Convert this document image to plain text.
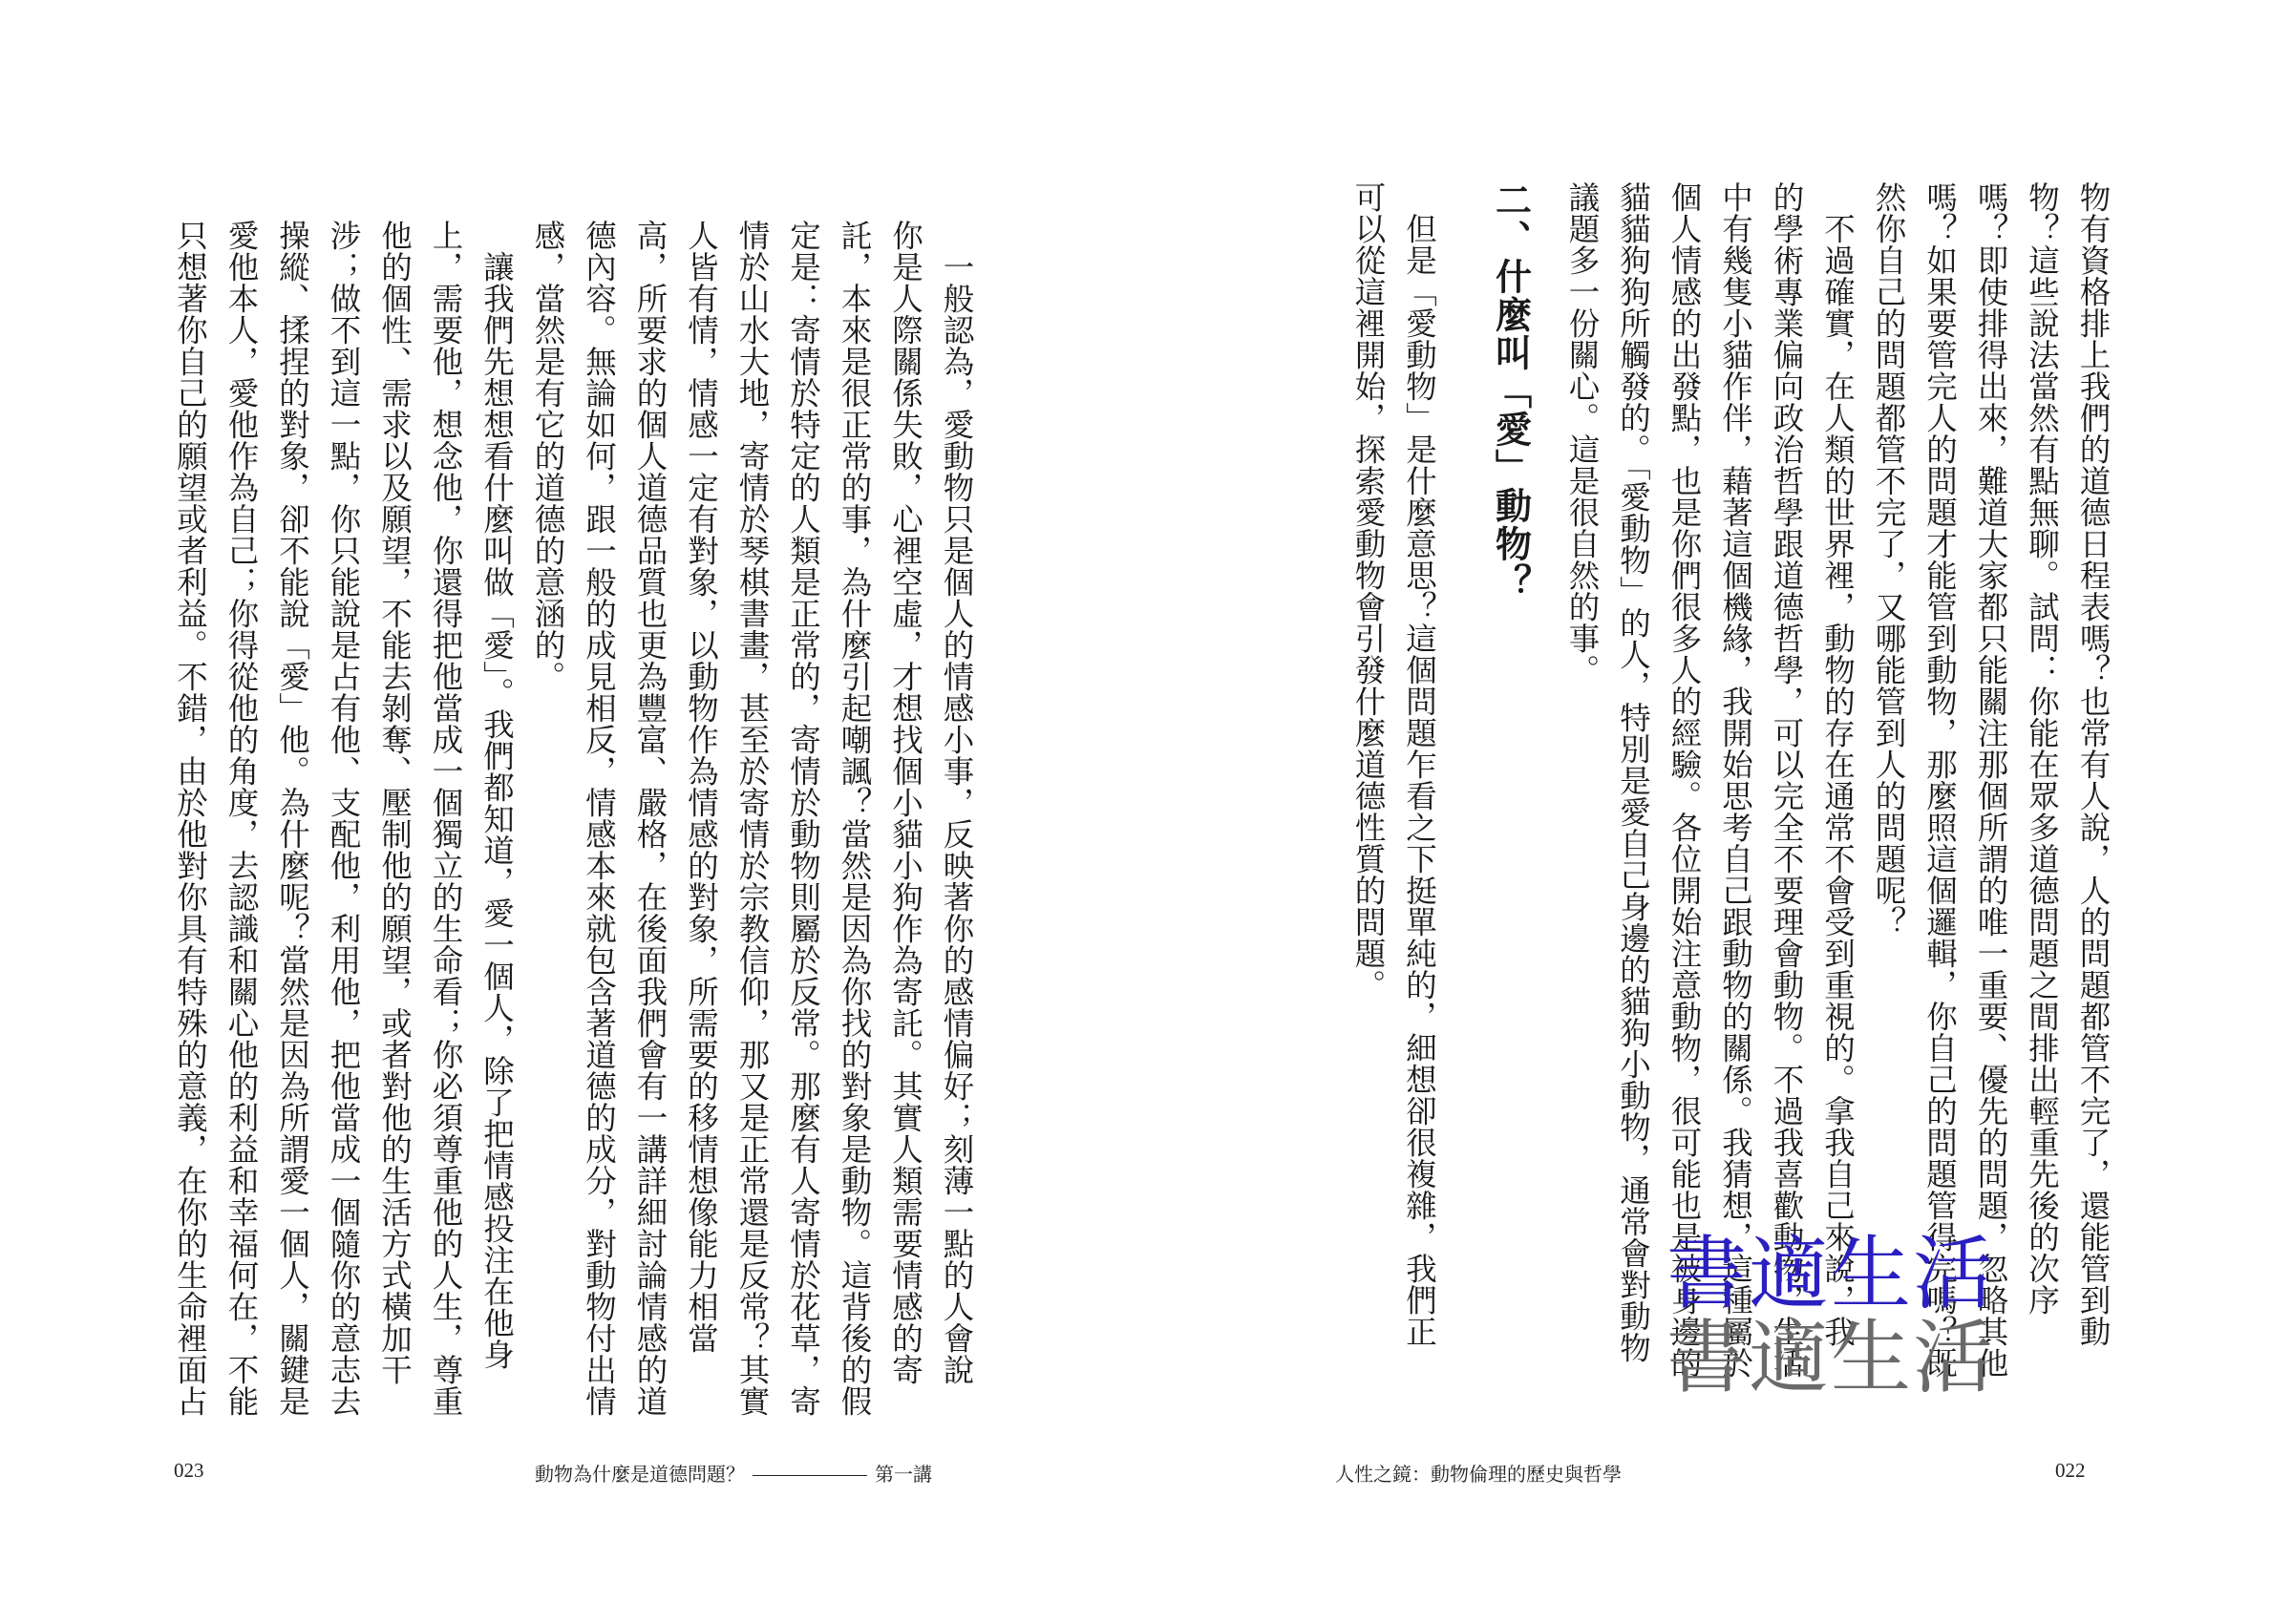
物有資格排上我們的道德日程表嗎？也常有人說，人的問題都管不完了，還能管到動
物？這些說法當然有點無聊。試問：你能在眾多道德問題之間排出輕重先後的次序
嗎？即使排得出來，難道大家都只能關注那個所謂的唯一重要、優先的問題，忽略其他
嗎？如果要管完人的問題才能管到動物，那麼照這個邏輯，你自己的問題管得完嗎？既
然你自己的問題都管不完了，又哪能管到人的問題呢？
不過確實，在人類的世界裡，動物的存在通常不會受到重視的。拿我自己來說，我
的學術專業偏向政治哲學跟道德哲學，可以完全不要理會動物。不過我喜歡動物，生活
中有幾隻小貓作伴，藉著這個機緣，我開始思考自己跟動物的關係。我猜想，這種屬於
個人情感的出發點，也是你們很多人的經驗。各位開始注意動物，很可能也是被身邊的
貓貓狗狗所觸發的。「愛動物」的人，特別是愛自己身邊的貓狗小動物，通常會對動物
議題多一份關心。這是很自然的事。
二、什麼叫「愛」動物？
但是「愛動物」是什麼意思？這個問題乍看之下挺單純的，細想卻很複雜，我們正
可以從這裡開始，探索愛動物會引發什麼道德性質的問題。
一般認為，愛動物只是個人的情感小事，反映著你的感情偏好；刻薄一點的人會說
你是人際關係失敗，心裡空虛，才想找個小貓小狗作為寄託。其實人類需要情感的寄
託，本來是很正常的事，為什麼引起嘲諷？當然是因為你找的對象是動物。這背後的假
定是：寄情於特定的人類是正常的，寄情於動物則屬於反常。那麼有人寄情於花草，寄
情於山水大地，寄情於琴棋書畫，甚至於寄情於宗教信仰，那又是正常還是反常？其實
人皆有情，情感一定有對象，以動物作為情感的對象，所需要的移情想像能力相當
高，所要求的個人道德品質也更為豐富、嚴格，在後面我們會有一講詳細討論情感的道
德內容。無論如何，跟一般的成見相反，情感本來就包含著道德的成分，對動物付出情
感，當然是有它的道德的意涵的。
讓我們先想想看什麼叫做「愛」。我們都知道，愛一個人，除了把情感投注在他身
上，需要他，想念他，你還得把他當成一個獨立的生命看；你必須尊重他的人生，尊重
他的個性、需求以及願望，不能去剝奪、壓制他的願望，或者對他的生活方式橫加干
涉；做不到這一點，你只能說是占有他、支配他，利用他，把他當成一個隨你的意志去
操縱、揉捏的對象，卻不能說「愛」他。為什麼呢？當然是因為所謂愛一個人，關鍵是
愛他本人，愛他作為自己；你得從他的角度，去認識和關心他的利益和幸福何在，不能
只想著你自己的願望或者利益。不錯，由於他對你具有特殊的意義，在你的生命裡面占
023	動物為什麼是道德問題？	第一講	人性之鏡：動物倫理的歷史與哲學	022
書適生活
書適生活
